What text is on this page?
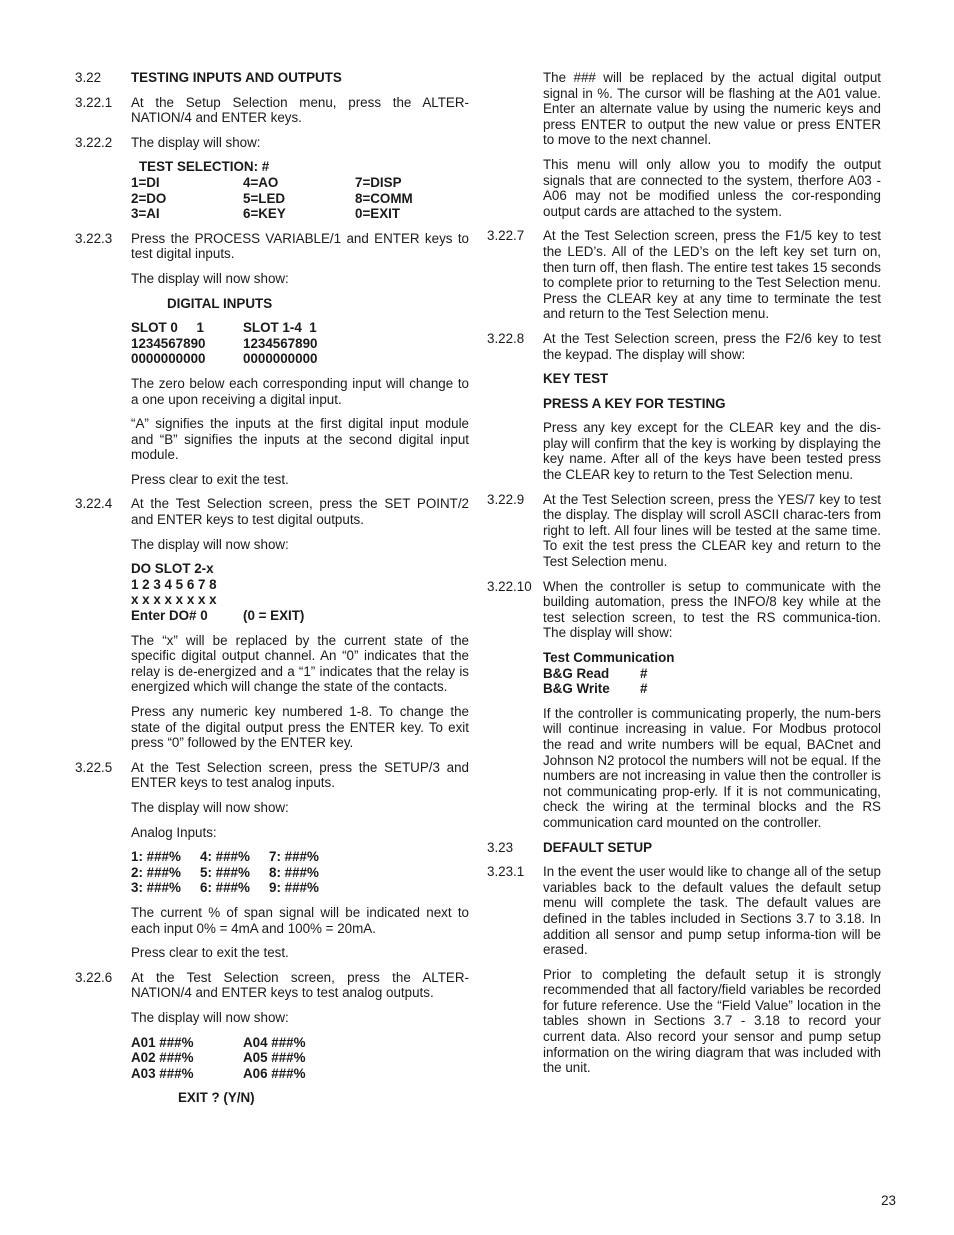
3.22	TESTING INPUTS AND OUTPUTS
3.22.1	At the Setup Selection menu, press the ALTER-NATION/4 and ENTER keys.
3.22.2	The display will show:
TEST SELECTION: #
1=DI	4=AO	7=DISP
2=DO	5=LED	8=COMM
3=AI	6=KEY	0=EXIT
3.22.3	Press the PROCESS VARIABLE/1 and ENTER keys to test digital inputs.
The display will now show:
DIGITAL INPUTS
SLOT 0     1	SLOT 1-4  1
1234567890	1234567890
0000000000	0000000000
The zero below each corresponding input will change to a one upon receiving a digital input.
“A” signifies the inputs at the first digital input module and “B” signifies the inputs at the second digital input module.
Press clear to exit the test.
3.22.4	At the Test Selection screen, press the SET POINT/2 and ENTER keys to test digital outputs.
The display will now show:
DO SLOT 2-x
1 2 3 4 5 6 7 8
x x x x x x x x
Enter DO# 0	(0 = EXIT)
The “x” will be replaced by the current state of the specific digital output channel. An “0” indicates that the relay is de-energized and a “1” indicates that the relay is energized which will change the state of the contacts.
Press any numeric key numbered 1-8. To change the state of the digital output press the ENTER key. To exit press “0” followed by the ENTER key.
3.22.5	At the Test Selection screen, press the SETUP/3 and ENTER keys to test analog inputs.
The display will now show:
Analog Inputs:
1: ###%	4: ###%	7: ###%
2: ###%	5: ###%	8: ###%
3: ###%	6: ###%	9: ###%
The current % of span signal will be indicated next to each input 0% = 4mA and 100% = 20mA.
Press clear to exit the test.
3.22.6	At the Test Selection screen, press the ALTER-NATION/4 and ENTER keys to test analog outputs.
The display will now show:
A01 ###%	A04 ###%
A02 ###%	A05 ###%
A03 ###%	A06 ###%
EXIT ? (Y/N)
The ### will be replaced by the actual digital output signal in %. The cursor will be flashing at the A01 value. Enter an alternate value by using the numeric keys and press ENTER to output the new value or press ENTER to move to the next channel.
This menu will only allow you to modify the output signals that are connected to the system, therfore A03 - A06 may not be modified unless the cor-responding output cards are attached to the system.
3.22.7	At the Test Selection screen, press the F1/5 key to test the LED’s. All of the LED’s on the left key set turn on, then turn off, then flash. The entire test takes 15 seconds to complete prior to returning to the Test Selection menu. Press the CLEAR key at any time to terminate the test and return to the Test Selection menu.
3.22.8	At the Test Selection screen, press the F2/6 key to test the keypad. The display will show:
KEY TEST
PRESS A KEY FOR TESTING
Press any key except for the CLEAR key and the dis-play will confirm that the key is working by displaying the key name. After all of the keys have been tested press the CLEAR key to return to the Test Selection menu.
3.22.9	At the Test Selection screen, press the YES/7 key to test the display. The display will scroll ASCII charac-ters from right to left. All four lines will be tested at the same time. To exit the test press the CLEAR key and return to the Test Selection menu.
3.22.10 When the controller is setup to communicate with the building automation, press the INFO/8 key while at the test selection screen, to test the RS communica-tion. The display will show:
Test Communication
B&G Read	#
B&G Write	#
If the controller is communicating properly, the num-bers will continue increasing in value. For Modbus protocol the read and write numbers will be equal, BACnet and Johnson N2 protocol the numbers will not be equal. If the numbers are not increasing in value then the controller is not communicating prop-erly. If it is not communicating, check the wiring at the terminal blocks and the RS communication card mounted on the controller.
3.23	DEFAULT SETUP
3.23.1	In the event the user would like to change all of the setup variables back to the default values the default setup menu will complete the task. The default values are defined in the tables included in Sections 3.7 to 3.18. In addition all sensor and pump setup informa-tion will be erased.
Prior to completing the default setup it is strongly recommended that all factory/field variables be recorded for future reference. Use the “Field Value” location in the tables shown in Sections 3.7 - 3.18 to record your current data. Also record your sensor and pump setup information on the wiring diagram that was included with the unit.
23
